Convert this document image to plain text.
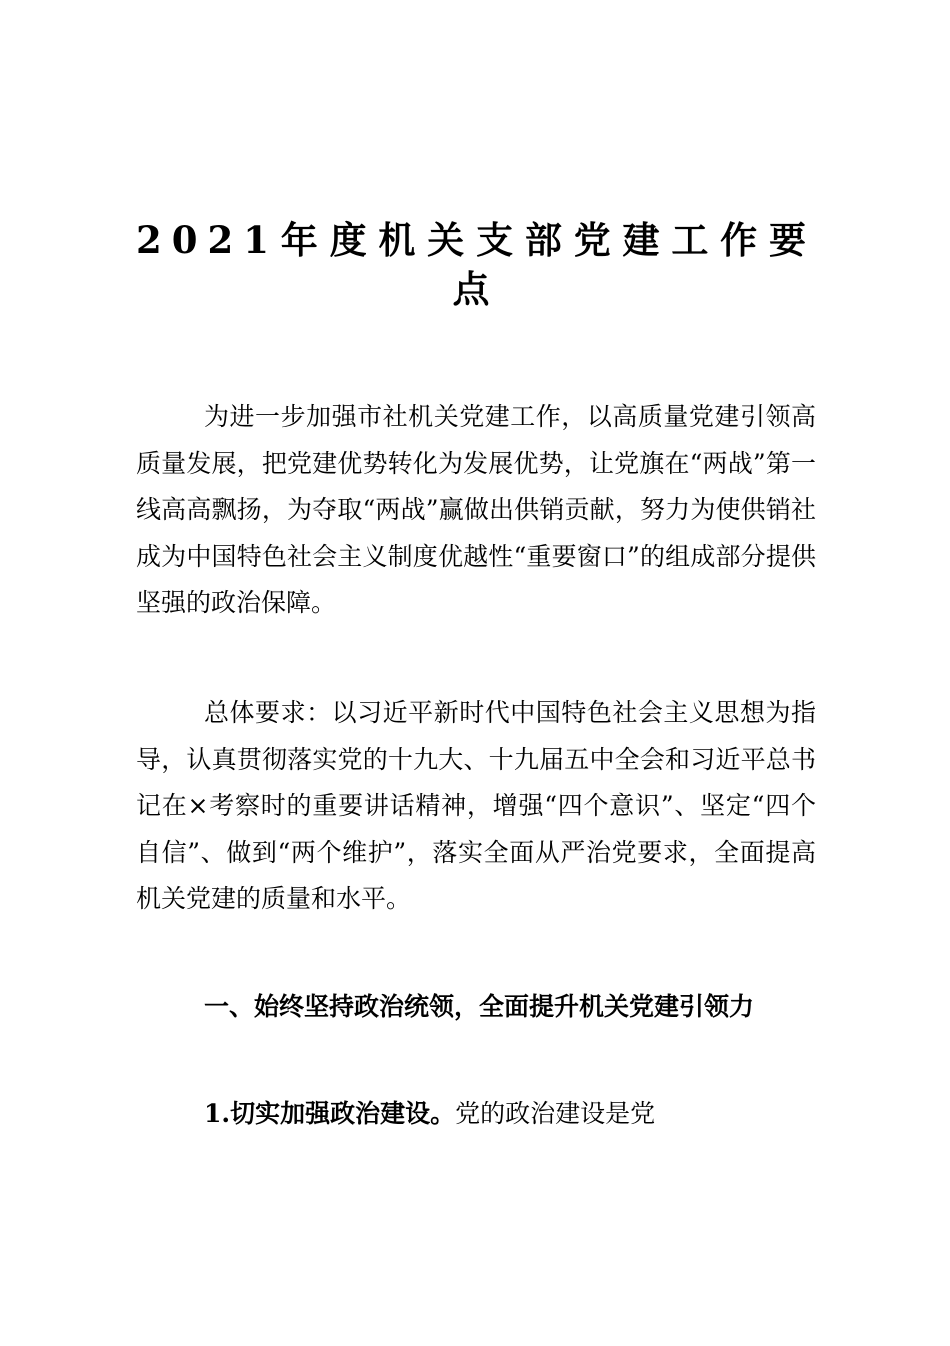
2021年度机关支部党建工作要点

为进一步加强市社机关党建工作，以高质量党建引领高质量发展，把党建优势转化为发展优势，让党旗在“两战”第一线高高飘扬，为夺取“两战”赢做出供销贡献，努力为使供销社成为中国特色社会主义制度优越性“重要窗口”的组成部分提供坚强的政治保障。

总体要求：以习近平新时代中国特色社会主义思想为指导，认真贯彻落实党的十九大、十九届五中全会和习近平总书记在×考察时的重要讲话精神，增强“四个意识”、坚定“四个自信”、做到“两个维护”，落实全面从严治党要求，全面提高机关党建的质量和水平。

一、始终坚持政治统领，全面提升机关党建引领力

1.切实加强政治建设。党的政治建设是党
